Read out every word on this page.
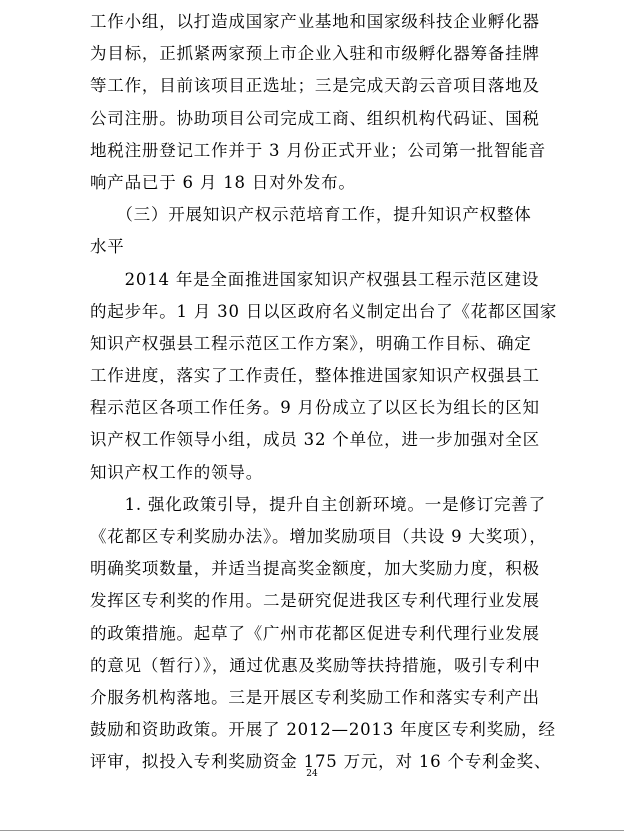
工作小组，以打造成国家产业基地和国家级科技企业孵化器
为目标，正抓紧两家预上市企业入驻和市级孵化器筹备挂牌
等工作，目前该项目正选址；三是完成天韵云音项目落地及
公司注册。协助项目公司完成工商、组织机构代码证、国税
地税注册登记工作并于 3 月份正式开业；公司第一批智能音
响产品已于 6 月 18 日对外发布。
　　（三）开展知识产权示范培育工作，提升知识产权整体
水平
　　2014 年是全面推进国家知识产权强县工程示范区建设
的起步年。1 月 30 日以区政府名义制定出台了《花都区国家
知识产权强县工程示范区工作方案》，明确工作目标、确定
工作进度，落实了工作责任，整体推进国家知识产权强县工
程示范区各项工作任务。9 月份成立了以区长为组长的区知
识产权工作领导小组，成员 32 个单位，进一步加强对全区
知识产权工作的领导。
　　1. 强化政策引导，提升自主创新环境。一是修订完善了
《花都区专利奖励办法》。增加奖励项目（共设 9 大奖项），
明确奖项数量，并适当提高奖金额度，加大奖励力度，积极
发挥区专利奖的作用。二是研究促进我区专利代理行业发展
的政策措施。起草了《广州市花都区促进专利代理行业发展
的意见（暂行）》，通过优惠及奖励等扶持措施，吸引专利中
介服务机构落地。三是开展区专利奖励工作和落实专利产出
鼓励和资助政策。开展了 2012—2013 年度区专利奖励，经
评审，拟投入专利奖励资金 175 万元，对 16 个专利金奖、
24
